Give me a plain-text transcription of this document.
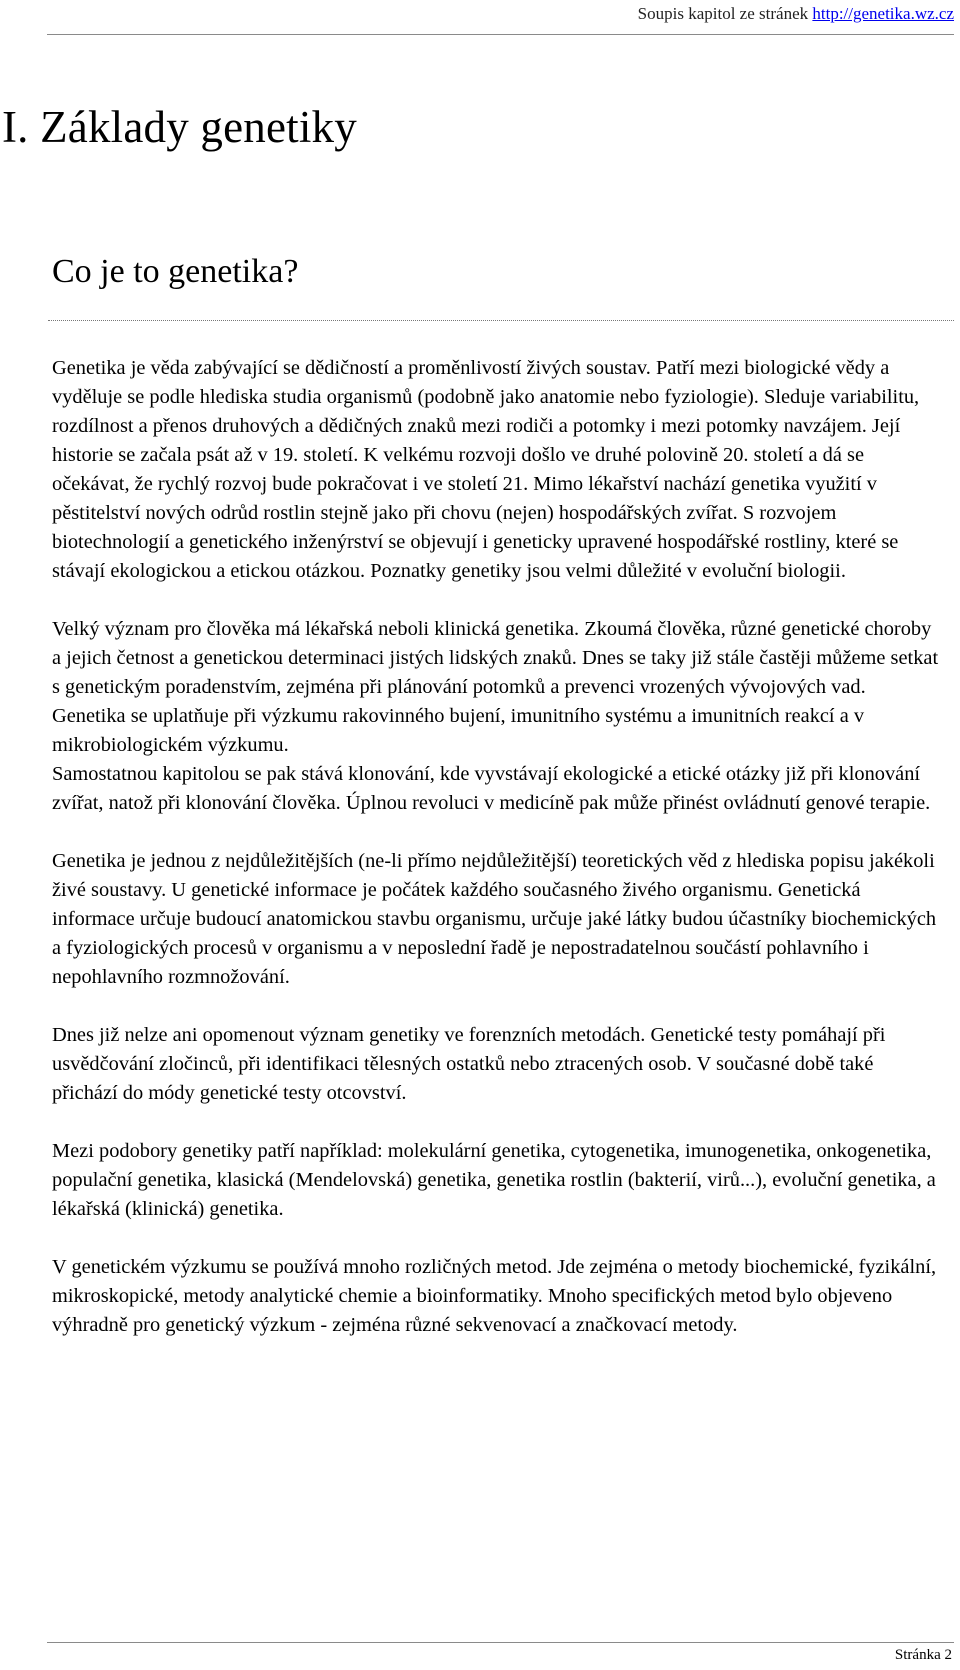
Soupis kapitol ze stránek http://genetika.wz.cz
I. Základy genetiky
Co je to genetika?

Genetika je věda zabývající se dědičností a proměnlivostí živých soustav. Patří mezi biologické vědy a vyděluje se podle hlediska studia organismů (podobně jako anatomie nebo fyziologie). Sleduje variabilitu, rozdílnost a přenos druhových a dědičných znaků mezi rodiči a potomky i mezi potomky navzájem. Její historie se začala psát až v 19. století. K velkému rozvoji došlo ve druhé polovině 20. století a dá se očekávat, že rychlý rozvoj bude pokračovat i ve století 21. Mimo lékařství nachází genetika využití v pěstitelství nových odrůd rostlin stejně jako při chovu (nejen) hospodářských zvířat. S rozvojem biotechnologií a genetického inženýrství se objevují i geneticky upravené hospodářské rostliny, které se stávají ekologickou a etickou otázkou. Poznatky genetiky jsou velmi důležité v evoluční biologii.

Velký význam pro člověka má lékařská neboli klinická genetika. Zkoumá člověka, různé genetické choroby a jejich četnost a genetickou determinaci jistých lidských znaků. Dnes se taky již stále častěji můžeme setkat s genetickým poradenstvím, zejména při plánování potomků a prevenci vrozených vývojových vad.

Genetika se uplatňuje při výzkumu rakovinného bujení, imunitního systému a imunitních reakcí a v mikrobiologickém výzkumu.

Samostatnou kapitolou se pak stává klonování, kde vyvstávají ekologické a etické otázky již při klonování zvířat, natož při klonování člověka. Úplnou revoluci v medicíně pak může přinést ovládnutí genové terapie.

Genetika je jednou z nejdůležitějších (ne-li přímo nejdůležitější) teoretických věd z hlediska popisu jakékoli živé soustavy. U genetické informace je počátek každého současného živého organismu. Genetická informace určuje budoucí anatomickou stavbu organismu, určuje jaké látky budou účastníky biochemických a fyziologických procesů v organismu a v neposlední řadě je nepostradatelnou součástí pohlavního i nepohlavního rozmnožování.

Dnes již nelze ani opomenout význam genetiky ve forenzních metodách. Genetické testy pomáhají při usvědčování zločinců, při identifikaci tělesných ostatků nebo ztracených osob. V současné době také přichází do módy genetické testy otcovství.

Mezi podobory genetiky patří například: molekulární genetika, cytogenetika, imunogenetika, onkogenetika, populační genetika, klasická (Mendelovská) genetika, genetika rostlin (bakterií, virů...), evoluční genetika, a lékařská (klinická) genetika.

V genetickém výzkumu se používá mnoho rozličných metod. Jde zejména o metody biochemické, fyzikální, mikroskopické, metody analytické chemie a bioinformatiky. Mnoho specifických metod bylo objeveno výhradně pro genetický výzkum - zejména různé sekvenovací a značkovací metody.

Stránka 2
